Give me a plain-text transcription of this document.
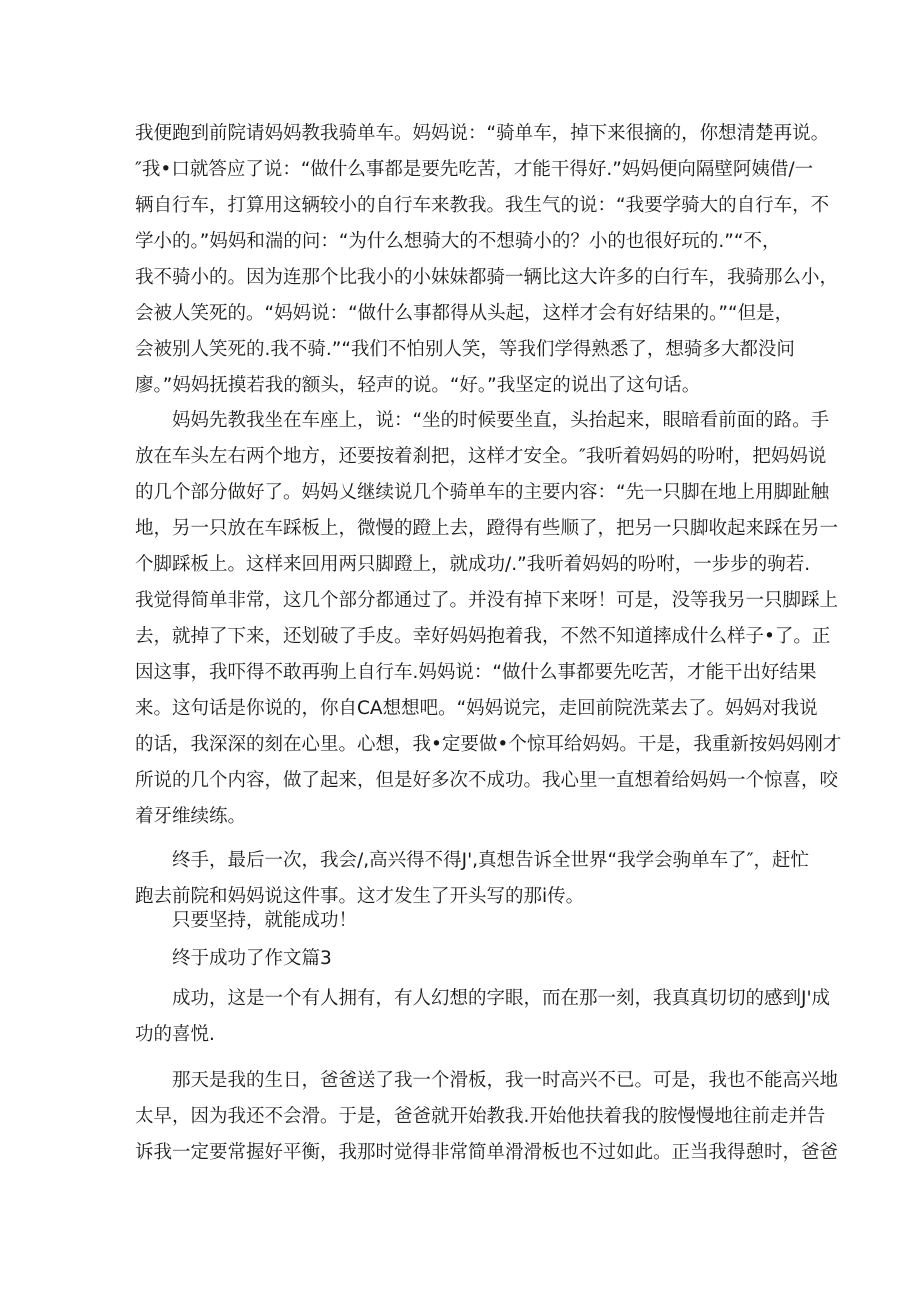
我便跑到前院请妈妈教我骑单车。妈妈说：“骑单车，掉下来很摘的，你想清楚再说。
″我•口就答应了说：“做什么事都是要先吃苦，才能干得好.”妈妈便向隔壁阿姨借/一
辆自行车，打算用这辆较小的自行车来教我。我生气的说：“我要学骑大的自行车，不
学小的。”妈妈和湍的问：“为什么想骑大的不想骑小的？小的也很好玩的.”“不，
我不骑小的。因为连那个比我小的小妹妹都骑一辆比这大许多的白行车，我骑那么小，
会被人笑死的。“妈妈说：“做什么事都得从头起，这样才会有好结果的。”“但是，
会被别人笑死的.我不骑.”“我们不怕别人笑，等我们学得熟悉了，想骑多大都没问
廖。”妈妈抚摸若我的额头，轻声的说。“好。”我坚定的说出了这句话。
妈妈先教我坐在车座上，说：“坐的时候要坐直，头抬起来，眼暗看前面的路。手
放在车头左右两个地方，还要按着刹把，这样才安全。″我听着妈妈的吩咐，把妈妈说
的几个部分做好了。妈妈乂继续说几个骑单车的主要内容：“先一只脚在地上用脚趾触
地，另一只放在车踩板上，微慢的蹬上去，蹬得有些顺了，把另一只脚收起来踩在另一
个脚踩板上。这样来回用两只脚蹬上，就成功/.”我听着妈妈的吩咐，一步步的驹若.
我觉得简单非常，这几个部分都通过了。并没有掉下来呀！可是，没等我另一只脚踩上
去，就掉了下来，还划破了手皮。幸好妈妈抱着我，不然不知道摔成什么样子•了。正
因这事，我吓得不敢再驹上自行车.妈妈说：“做什么事都要先吃苦，才能干出好结果
来。这句话是你说的，你自CA想想吧。“妈妈说完，走回前院洗菜去了。妈妈对我说
的话，我深深的刻在心里。心想，我•定要做•个惊耳给妈妈。干是，我重新按妈妈刚才
所说的几个内容，做了起来，但是好多次不成功。我心里一直想着给妈妈一个惊喜，咬
着牙维续练。
终手，最后一次，我会/,高兴得不得J',真想告诉全世界“我学会驹单车了″，赶忙
跑去前院和妈妈说这件事。这才发生了开头写的那i传。
只要坚持，就能成功！
终于成功了作文篇3
成功，这是一个有人拥有，有人幻想的字眼，而在那一刻，我真真切切的感到J'成
功的喜悦.
那天是我的生日，爸爸送了我一个滑板，我一时高兴不已。可是，我也不能高兴地
太早，因为我还不会滑。于是，爸爸就开始教我.开始他扶着我的胺慢慢地往前走并告
诉我一定要常握好平衡，我那时觉得非常简单滑滑板也不过如此。正当我得憩时，爸爸
